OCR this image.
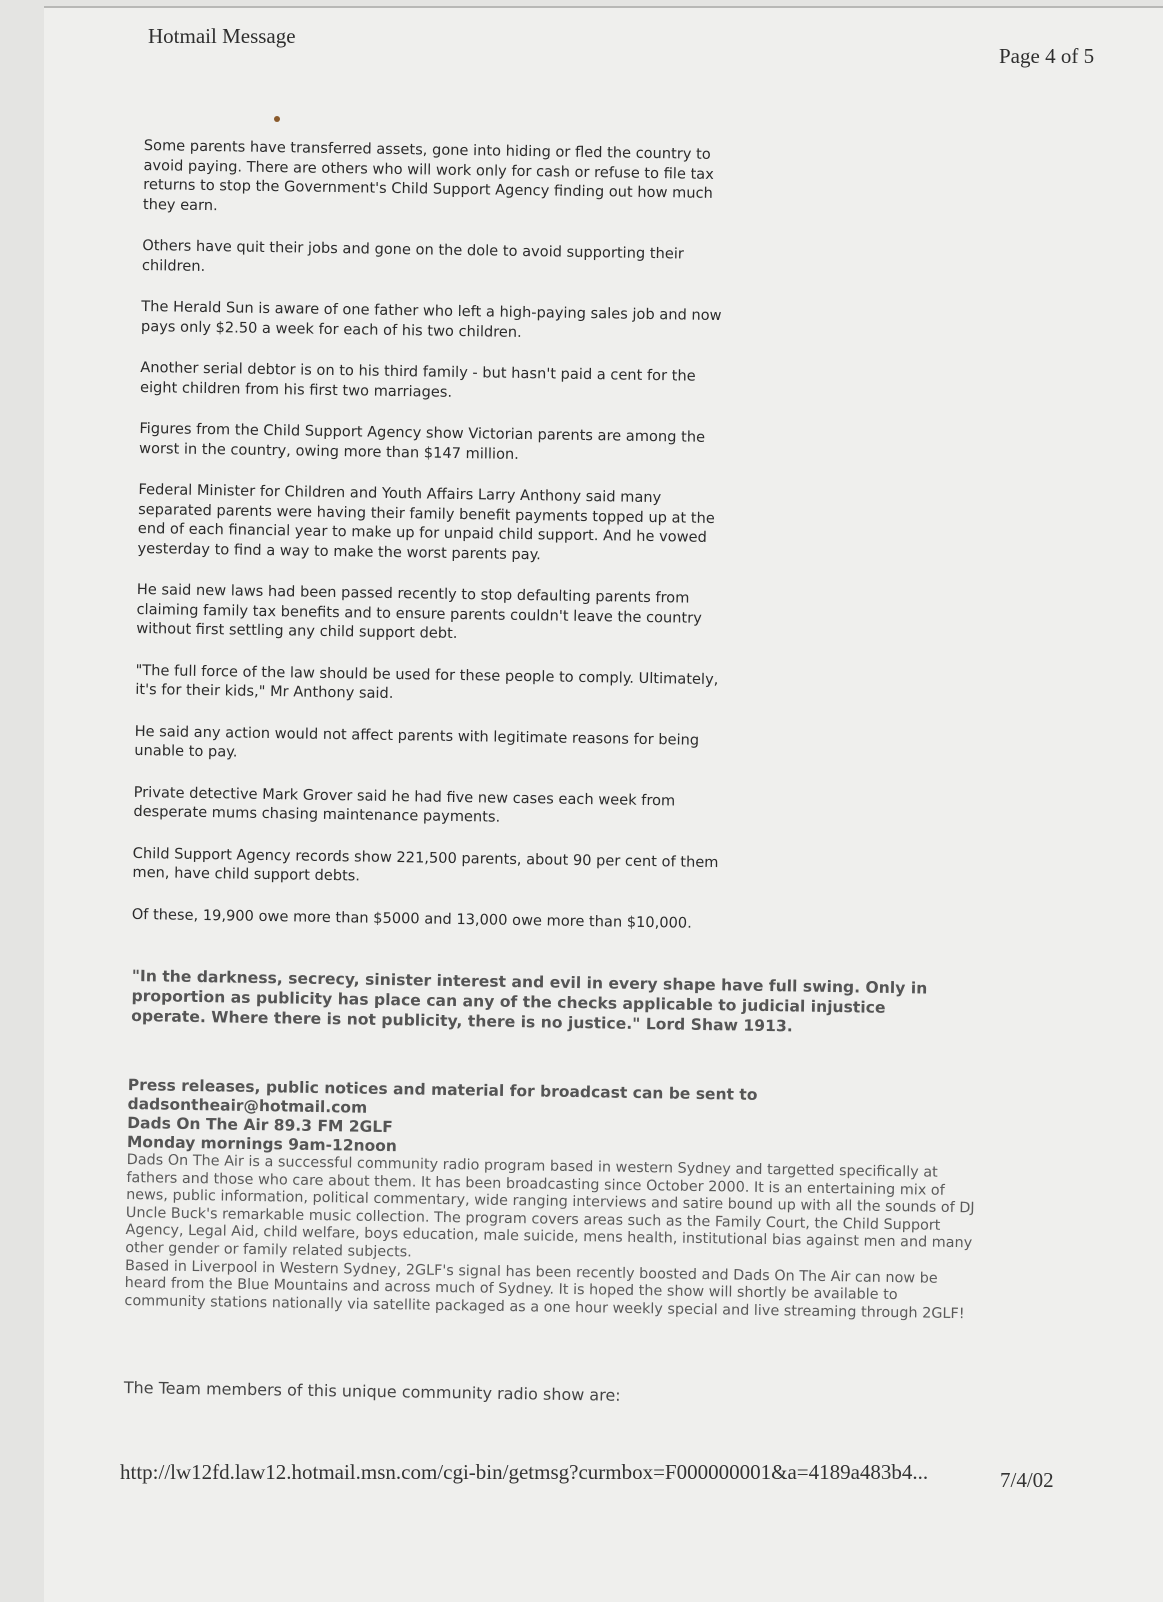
Hotmail Message
Page 4 of 5

Some parents have transferred assets, gone into hiding or fled the country to avoid paying. There are others who will work only for cash or refuse to file tax returns to stop the Government's Child Support Agency finding out how much they earn.

Others have quit their jobs and gone on the dole to avoid supporting their children.

The Herald Sun is aware of one father who left a high-paying sales job and now pays only $2.50 a week for each of his two children.

Another serial debtor is on to his third family - but hasn't paid a cent for the eight children from his first two marriages.

Figures from the Child Support Agency show Victorian parents are among the worst in the country, owing more than $147 million.

Federal Minister for Children and Youth Affairs Larry Anthony said many separated parents were having their family benefit payments topped up at the end of each financial year to make up for unpaid child support. And he vowed yesterday to find a way to make the worst parents pay.

He said new laws had been passed recently to stop defaulting parents from claiming family tax benefits and to ensure parents couldn't leave the country without first settling any child support debt.

"The full force of the law should be used for these people to comply. Ultimately, it's for their kids," Mr Anthony said.

He said any action would not affect parents with legitimate reasons for being unable to pay.

Private detective Mark Grover said he had five new cases each week from desperate mums chasing maintenance payments.

Child Support Agency records show 221,500 parents, about 90 per cent of them men, have child support debts.

Of these, 19,900 owe more than $5000 and 13,000 owe more than $10,000.

"In the darkness, secrecy, sinister interest and evil in every shape have full swing. Only in proportion as publicity has place can any of the checks applicable to judicial injustice operate. Where there is not publicity, there is no justice." Lord Shaw 1913.
Press releases, public notices and material for broadcast can be sent to dadsontheair@hotmail.com
Dads On The Air 89.3 FM 2GLF
Monday mornings 9am-12noon
Dads On The Air is a successful community radio program based in western Sydney and targetted specifically at fathers and those who care about them. It has been broadcasting since October 2000. It is an entertaining mix of news, public information, political commentary, wide ranging interviews and satire bound up with all the sounds of DJ Uncle Buck's remarkable music collection. The program covers areas such as the Family Court, the Child Support Agency, Legal Aid, child welfare, boys education, male suicide, mens health, institutional bias against men and many other gender or family related subjects.
Based in Liverpool in Western Sydney, 2GLF's signal has been recently boosted and Dads On The Air can now be heard from the Blue Mountains and across much of Sydney. It is hoped the show will shortly be available to community stations nationally via satellite packaged as a one hour weekly special and live streaming through 2GLF!
The Team members of this unique community radio show are:
http://lw12fd.law12.hotmail.msn.com/cgi-bin/getmsg?curmbox=F000000001&a=4189a483b4...	7/4/02
